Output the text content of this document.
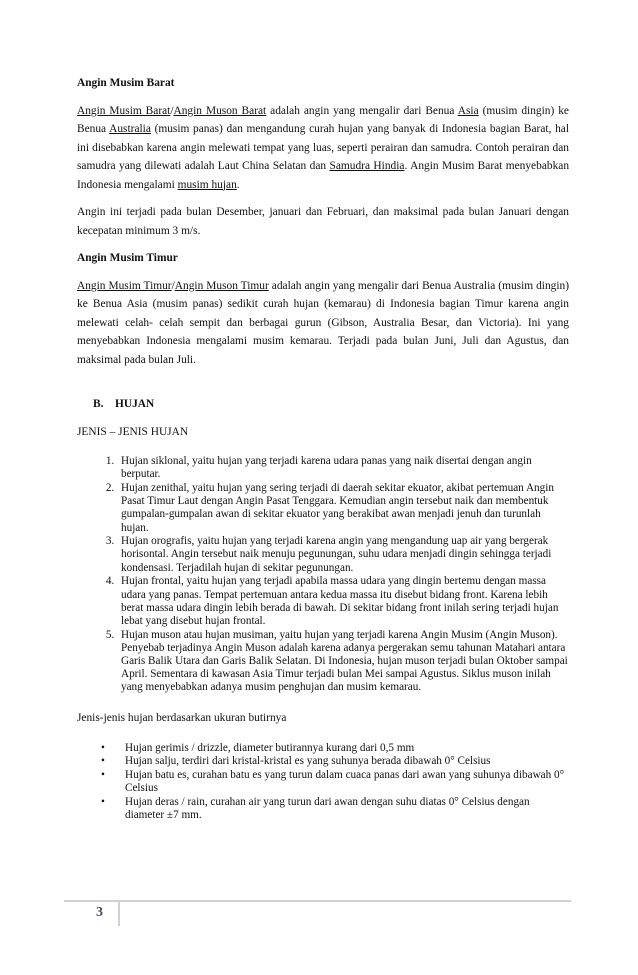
Angin Musim Barat

Angin Musim Barat/Angin Muson Barat adalah angin yang mengalir dari Benua Asia (musim dingin) ke Benua Australia (musim panas) dan mengandung curah hujan yang banyak di Indonesia bagian Barat, hal ini disebabkan karena angin melewati tempat yang luas, seperti perairan dan samudra. Contoh perairan dan samudra yang dilewati adalah Laut China Selatan dan Samudra Hindia. Angin Musim Barat menyebabkan Indonesia mengalami musim hujan.

Angin ini terjadi pada bulan Desember, januari dan Februari, dan maksimal pada bulan Januari dengan kecepatan minimum 3 m/s.

Angin Musim Timur

Angin Musim Timur/Angin Muson Timur adalah angin yang mengalir dari Benua Australia (musim dingin) ke Benua Asia (musim panas) sedikit curah hujan (kemarau) di Indonesia bagian Timur karena angin melewati celah- celah sempit dan berbagai gurun (Gibson, Australia Besar, dan Victoria). Ini yang menyebabkan Indonesia mengalami musim kemarau. Terjadi pada bulan Juni, Juli dan Agustus, dan maksimal pada bulan Juli.

B. HUJAN

JENIS – JENIS HUJAN

1. Hujan siklonal, yaitu hujan yang terjadi karena udara panas yang naik disertai dengan angin berputar.
2. Hujan zenithal, yaitu hujan yang sering terjadi di daerah sekitar ekuator, akibat pertemuan Angin Pasat Timur Laut dengan Angin Pasat Tenggara. Kemudian angin tersebut naik dan membentuk gumpalan-gumpalan awan di sekitar ekuator yang berakibat awan menjadi jenuh dan turunlah hujan.
3. Hujan orografis, yaitu hujan yang terjadi karena angin yang mengandung uap air yang bergerak horisontal. Angin tersebut naik menuju pegunungan, suhu udara menjadi dingin sehingga terjadi kondensasi. Terjadilah hujan di sekitar pegunungan.
4. Hujan frontal, yaitu hujan yang terjadi apabila massa udara yang dingin bertemu dengan massa udara yang panas. Tempat pertemuan antara kedua massa itu disebut bidang front. Karena lebih berat massa udara dingin lebih berada di bawah. Di sekitar bidang front inilah sering terjadi hujan lebat yang disebut hujan frontal.
5. Hujan muson atau hujan musiman, yaitu hujan yang terjadi karena Angin Musim (Angin Muson). Penyebab terjadinya Angin Muson adalah karena adanya pergerakan semu tahunan Matahari antara Garis Balik Utara dan Garis Balik Selatan. Di Indonesia, hujan muson terjadi bulan Oktober sampai April. Sementara di kawasan Asia Timur terjadi bulan Mei sampai Agustus. Siklus muson inilah yang menyebabkan adanya musim penghujan dan musim kemarau.

Jenis-jenis hujan berdasarkan ukuran butirnya

• Hujan gerimis / drizzle, diameter butirannya kurang dari 0,5 mm
• Hujan salju, terdiri dari kristal-kristal es yang suhunya berada dibawah 0° Celsius
• Hujan batu es, curahan batu es yang turun dalam cuaca panas dari awan yang suhunya dibawah 0° Celsius
• Hujan deras / rain, curahan air yang turun dari awan dengan suhu diatas 0° Celsius dengan diameter ±7 mm.
3
